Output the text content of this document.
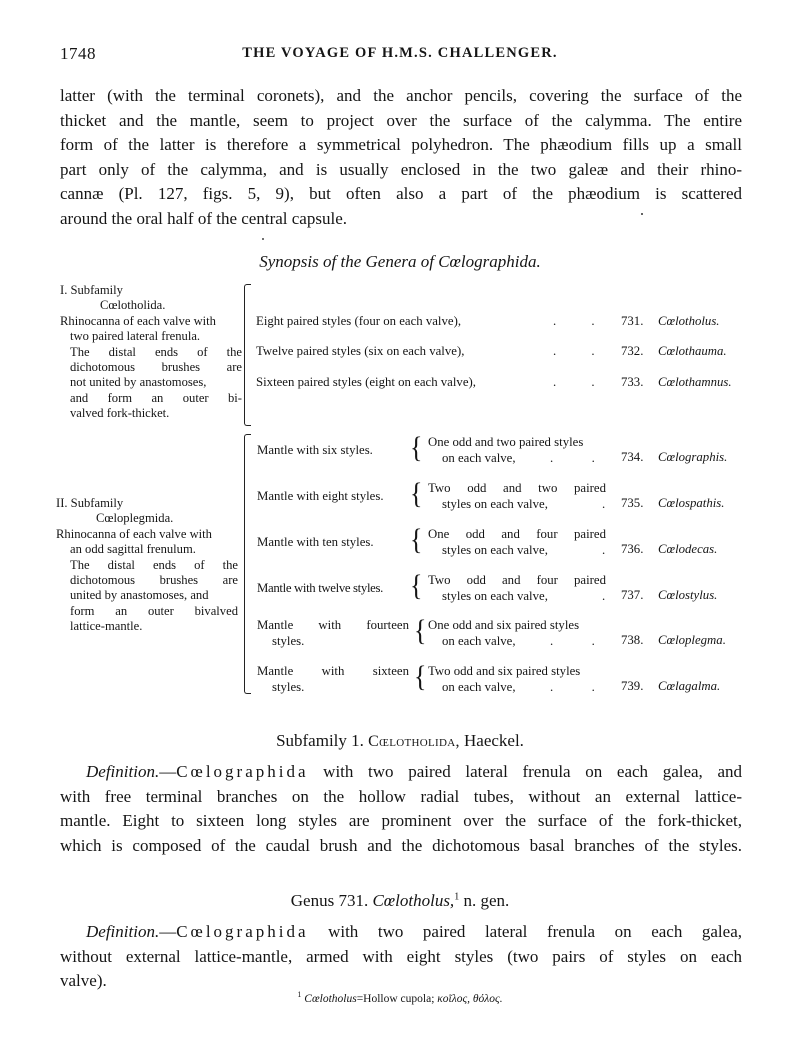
1748	THE VOYAGE OF H.M.S. CHALLENGER.
latter (with the terminal coronets), and the anchor pencils, covering the surface of the
thicket and the mantle, seem to project over the surface of the calymma. The entire
form of the latter is therefore a symmetrical polyhedron. The phæodium fills up a small
part only of the calymma, and is usually enclosed in the two galeæ and their rhino-
cannæ (Pl. 127, figs. 5, 9), but often also a part of the phæodium is scattered
around the oral half of the central capsule.
Synopsis of the Genera of Cœlographida.
I. Subfamily
Cœlotholida.
Rhinocanna of each valve with
two paired lateral frenula.
The distal ends of the
dichotomous brushes are
not united by anastomoses,
and form an outer bi-
valved fork-thicket.
Eight paired styles (four on each valve),	.           . 731. Cœlotholus.
Twelve paired styles (six on each valve),	.           . 732. Cœlothauma.
Sixteen paired styles (eight on each valve),	.           . 733. Cœlothamnus.
II. Subfamily
Cœloplegmida.
Rhinocanna of each valve with
an odd sagittal frenulum.
The distal ends of the
dichotomous brushes are
united by anastomoses, and
form an outer bivalved
lattice-mantle.
Mantle with six styles. { One odd and two paired styles
on each valve,	.            . 734. Cœlographis.
Mantle with eight styles. { Two odd and two paired
styles on each valve,	. 735. Cœlospathis.
Mantle with ten styles. { One odd and four paired
styles on each valve,	. 736. Cœlodecas.
Mantle with twelve styles. { Two odd and four paired
styles on each valve,	. 737. Cœlostylus.
Mantle with fourteen
styles.	{ One odd and six paired styles
on each valve,	.            . 738. Cœloplegma.
Mantle with sixteen
styles.	{ Two odd and six paired styles
on each valve,	.            . 739. Cœlagalma.
Subfamily 1. Cœlotholida, Haeckel.
Definition.—Cœlographida with two paired lateral frenula on each galea, and
with free terminal branches on the hollow radial tubes, without an external lattice-
mantle. Eight to sixteen long styles are prominent over the surface of the fork-thicket,
which is composed of the caudal brush and the dichotomous basal branches of the styles.
Genus 731. Cœlotholus,$^1$ n. gen.
Definition.—Cœlographida with two paired lateral frenula on each galea,
without external lattice-mantle, armed with eight styles (two pairs of styles on each
valve).
$^1$ Cœlotholus=Hollow cupola; κοῖλος, θόλος.
